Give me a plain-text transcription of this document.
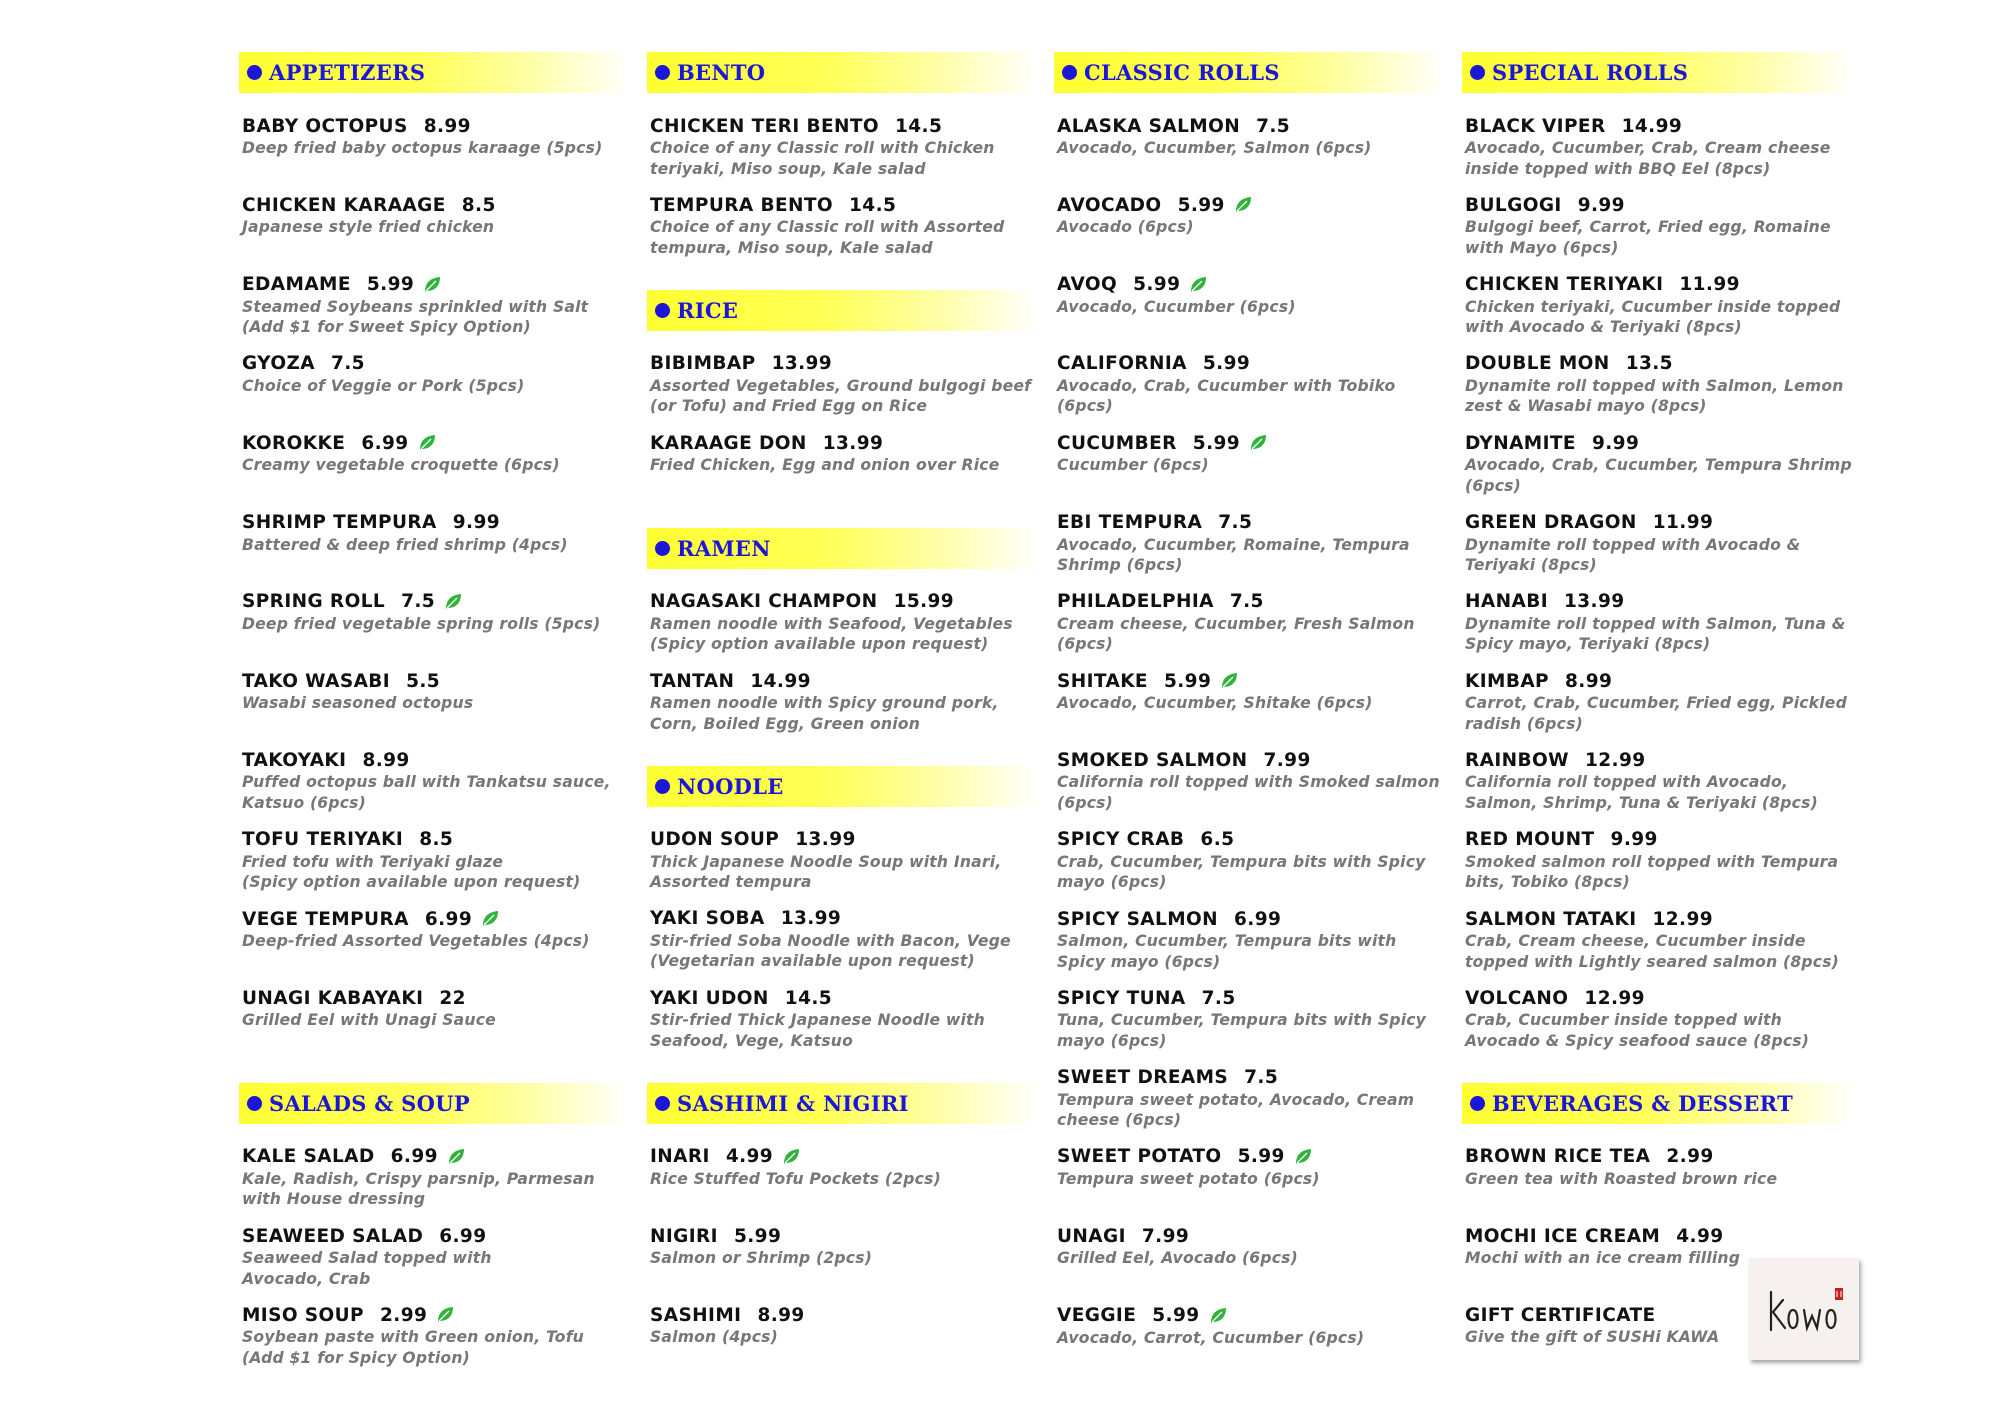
APPETIZERS
BABY OCTOPUS 8.99
Deep fried baby octopus karaage (5pcs)
CHICKEN KARAAGE 8.5
Japanese style fried chicken
EDAMAME 5.99
Steamed Soybeans sprinkled with Salt
(Add $1 for Sweet Spicy Option)
GYOZA 7.5
Choice of Veggie or Pork (5pcs)
KOROKKE 6.99
Creamy vegetable croquette (6pcs)
SHRIMP TEMPURA 9.99
Battered & deep fried shrimp (4pcs)
SPRING ROLL 7.5
Deep fried vegetable spring rolls (5pcs)
TAKO WASABI 5.5
Wasabi seasoned octopus
TAKOYAKI 8.99
Puffed octopus ball with Tankatsu sauce,
Katsuo (6pcs)
TOFU TERIYAKI 8.5
Fried tofu with Teriyaki glaze
(Spicy option available upon request)
VEGE TEMPURA 6.99
Deep-fried Assorted Vegetables (4pcs)
UNAGI KABAYAKI 22
Grilled Eel with Unagi Sauce
SALADS & SOUP
KALE SALAD 6.99
Kale, Radish, Crispy parsnip, Parmesan
with House dressing
SEAWEED SALAD 6.99
Seaweed Salad topped with
Avocado, Crab
MISO SOUP 2.99
Soybean paste with Green onion, Tofu
(Add $1 for Spicy Option)
BENTO
CHICKEN TERI BENTO 14.5
Choice of any Classic roll with Chicken
teriyaki, Miso soup, Kale salad
TEMPURA BENTO 14.5
Choice of any Classic roll with Assorted
tempura, Miso soup, Kale salad
RICE
BIBIMBAP 13.99
Assorted Vegetables, Ground bulgogi beef
(or Tofu) and Fried Egg on Rice
KARAAGE DON 13.99
Fried Chicken, Egg and onion over Rice
RAMEN
NAGASAKI CHAMPON 15.99
Ramen noodle with Seafood, Vegetables
(Spicy option available upon request)
TANTAN 14.99
Ramen noodle with Spicy ground pork,
Corn, Boiled Egg, Green onion
NOODLE
UDON SOUP 13.99
Thick Japanese Noodle Soup with Inari,
Assorted tempura
YAKI SOBA 13.99
Stir-fried Soba Noodle with Bacon, Vege
(Vegetarian available upon request)
YAKI UDON 14.5
Stir-fried Thick Japanese Noodle with
Seafood, Vege, Katsuo
SASHIMI & NIGIRI
INARI 4.99
Rice Stuffed Tofu Pockets (2pcs)
NIGIRI 5.99
Salmon or Shrimp (2pcs)
SASHIMI 8.99
Salmon (4pcs)
CLASSIC ROLLS
ALASKA SALMON 7.5
Avocado, Cucumber, Salmon (6pcs)
AVOCADO 5.99
Avocado (6pcs)
AVOQ 5.99
Avocado, Cucumber (6pcs)
CALIFORNIA 5.99
Avocado, Crab, Cucumber with Tobiko
(6pcs)
CUCUMBER 5.99
Cucumber (6pcs)
EBI TEMPURA 7.5
Avocado, Cucumber, Romaine, Tempura
Shrimp (6pcs)
PHILADELPHIA 7.5
Cream cheese, Cucumber, Fresh Salmon
(6pcs)
SHITAKE 5.99
Avocado, Cucumber, Shitake (6pcs)
SMOKED SALMON 7.99
California roll topped with Smoked salmon
(6pcs)
SPICY CRAB 6.5
Crab, Cucumber, Tempura bits with Spicy
mayo (6pcs)
SPICY SALMON 6.99
Salmon, Cucumber, Tempura bits with
Spicy mayo (6pcs)
SPICY TUNA 7.5
Tuna, Cucumber, Tempura bits with Spicy
mayo (6pcs)
SWEET DREAMS 7.5
Tempura sweet potato, Avocado, Cream
cheese (6pcs)
SWEET POTATO 5.99
Tempura sweet potato (6pcs)
UNAGI 7.99
Grilled Eel, Avocado (6pcs)
VEGGIE 5.99
Avocado, Carrot, Cucumber (6pcs)
SPECIAL ROLLS
BLACK VIPER 14.99
Avocado, Cucumber, Crab, Cream cheese
inside topped with BBQ Eel (8pcs)
BULGOGI 9.99
Bulgogi beef, Carrot, Fried egg, Romaine
with Mayo (6pcs)
CHICKEN TERIYAKI 11.99
Chicken teriyaki, Cucumber inside topped
with Avocado & Teriyaki (8pcs)
DOUBLE MON 13.5
Dynamite roll topped with Salmon, Lemon
zest & Wasabi mayo (8pcs)
DYNAMITE 9.99
Avocado, Crab, Cucumber, Tempura Shrimp
(6pcs)
GREEN DRAGON 11.99
Dynamite roll topped with Avocado &
Teriyaki (8pcs)
HANABI 13.99
Dynamite roll topped with Salmon, Tuna &
Spicy mayo, Teriyaki (8pcs)
KIMBAP 8.99
Carrot, Crab, Cucumber, Fried egg, Pickled
radish (6pcs)
RAINBOW 12.99
California roll topped with Avocado,
Salmon, Shrimp, Tuna & Teriyaki (8pcs)
RED MOUNT 9.99
Smoked salmon roll topped with Tempura
bits, Tobiko (8pcs)
SALMON TATAKI 12.99
Crab, Cream cheese, Cucumber inside
topped with Lightly seared salmon (8pcs)
VOLCANO 12.99
Crab, Cucumber inside topped with
Avocado & Spicy seafood sauce (8pcs)
BEVERAGES & DESSERT
BROWN RICE TEA 2.99
Green tea with Roasted brown rice
MOCHI ICE CREAM 4.99
Mochi with an ice cream filling
GIFT CERTIFICATE
Give the gift of SUSHi KAWA
